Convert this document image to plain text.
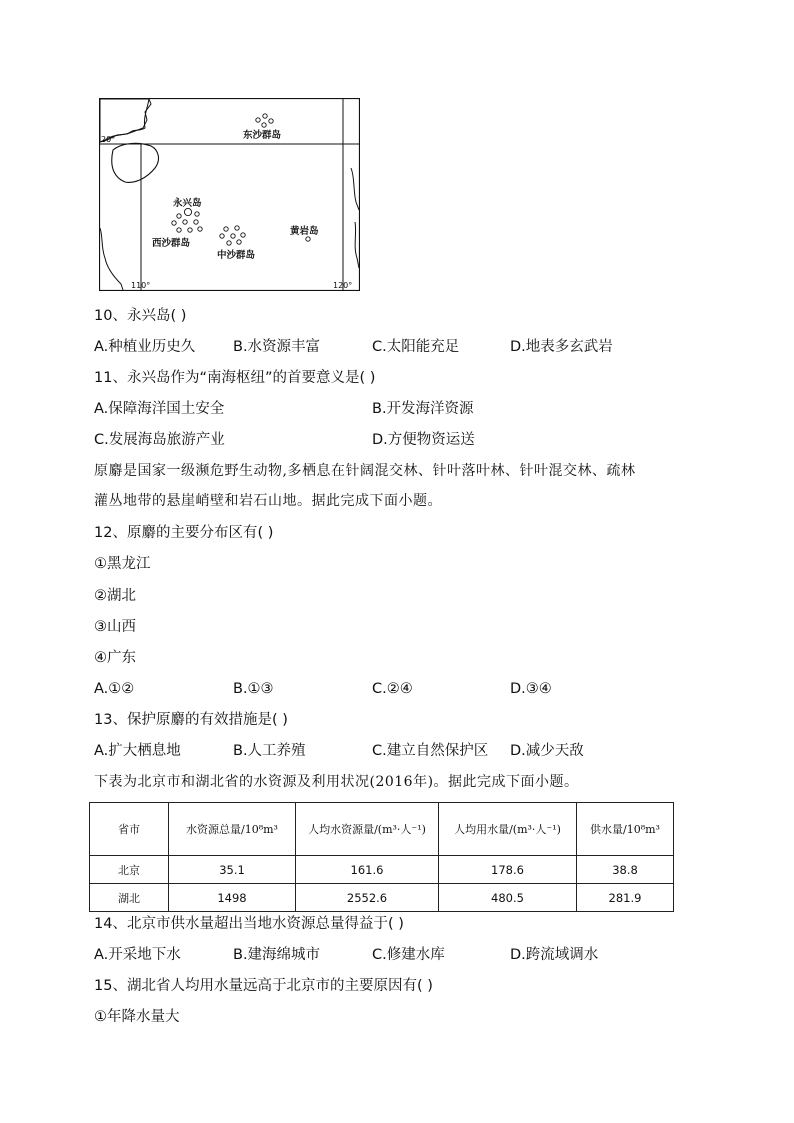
东沙群岛
20°
永兴岛
西沙群岛
黄岩岛
中沙群岛
110°	120°
10、永兴岛( )
A.种植业历史久	B.水资源丰富	C.太阳能充足	D.地表多玄武岩
11、永兴岛作为“南海枢纽”的首要意义是( )
A.保障海洋国土安全	B.开发海洋资源
C.发展海岛旅游产业	D.方便物资运送
原麝是国家一级濒危野生动物,多栖息在针阔混交林、针叶落叶林、针叶混交林、疏林
灌丛地带的悬崖峭壁和岩石山地。据此完成下面小题。
12、原麝的主要分布区有( )
①黑龙江
②湖北
③山西
④广东
A.①②	B.①③	C.②④	D.③④
13、保护原麝的有效措施是( )
A.扩大栖息地	B.人工养殖	C.建立自然保护区 D.减少天敌
下表为北京市和湖北省的水资源及利用状况(2016年)。据此完成下面小题。
省市	水资源总量/10⁸m³	人均水资源量/(m³·人⁻¹)	人均用水量/(m³·人⁻¹)	供水量/10⁸m³
北京	35.1	161.6	178.6	38.8
湖北	1498	2552.6	480.5	281.9
14、北京市供水量超出当地水资源总量得益于( )
A.开采地下水	B.建海绵城市	C.修建水库	D.跨流域调水
15、湖北省人均用水量远高于北京市的主要原因有( )
①年降水量大
